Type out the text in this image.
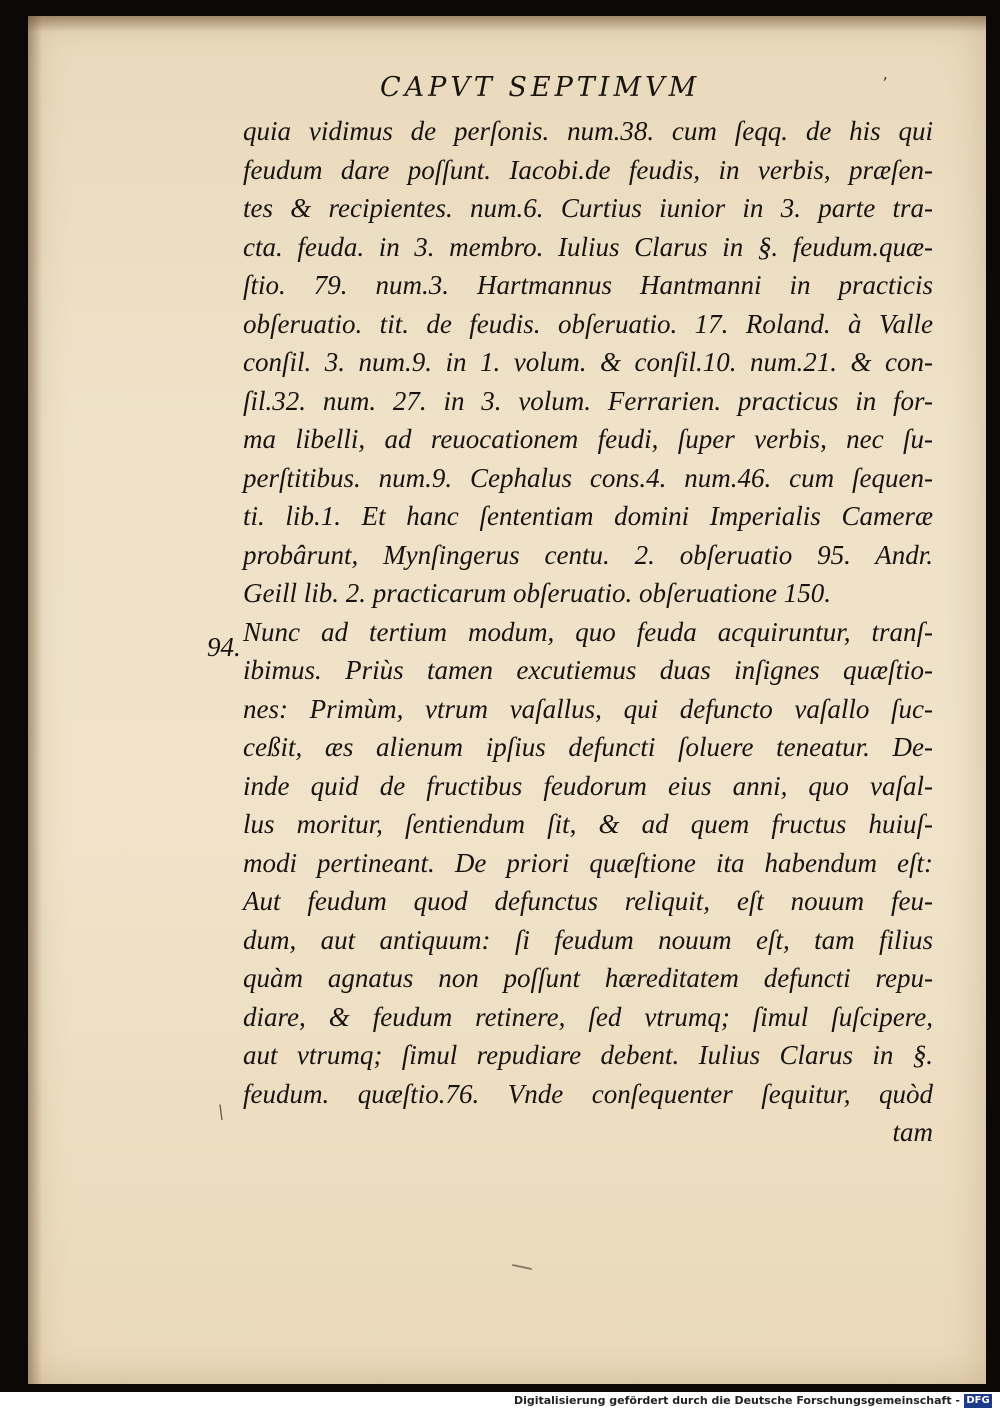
CAPVT SEPTIMVM	ʼ
94.
/
quia vidimus de perſonis. num.38. cum ſeqq. de his qui
feudum dare poſſunt. Iacobi.de feudis, in verbis, præſen-
tes & recipientes. num.6. Curtius iunior in 3. parte tra-
cta. feuda. in 3. membro. Iulius Clarus in §. feudum.quæ-
ſtio. 79. num.3. Hartmannus Hantmanni in practicis
obſeruatio. tit. de feudis. obſeruatio. 17. Roland. à Valle
conſil. 3. num.9. in 1. volum. & conſil.10. num.21. & con-
ſil.32. num. 27. in 3. volum. Ferrarien. practicus in for-
ma libelli, ad reuocationem feudi, ſuper verbis, nec ſu-
perſtitibus. num.9. Cephalus cons.4. num.46. cum ſequen-
ti. lib.1. Et hanc ſententiam domini Imperialis Cameræ
probârunt, Mynſingerus centu. 2. obſeruatio 95. Andr.
Geill lib. 2. practicarum obſeruatio. obſeruatione 150.
Nunc ad tertium modum, quo feuda acquiruntur, tranſ-
ibimus. Priùs tamen excutiemus duas inſignes quæſtio-
nes: Primùm, vtrum vaſallus, qui defuncto vaſallo ſuc-
ceßit, æs alienum ipſius defuncti ſoluere teneatur. De-
inde quid de fructibus feudorum eius anni, quo vaſal-
lus moritur, ſentiendum ſit, & ad quem fructus huiuſ-
modi pertineant. De priori quæſtione ita habendum eſt:
Aut feudum quod defunctus reliquit, eſt nouum feu-
dum, aut antiquum: ſi feudum nouum eſt, tam filius
quàm agnatus non poſſunt hæreditatem defuncti repu-
diare, & feudum retinere, ſed vtrumq; ſimul ſuſcipere,
aut vtrumq; ſimul repudiare debent. Iulius Clarus in §.
feudum. quæſtio.76. Vnde conſequenter ſequitur, quòd
tam
Digitalisierung gefördert durch die Deutsche Forschungsgemeinschaft - DFG
